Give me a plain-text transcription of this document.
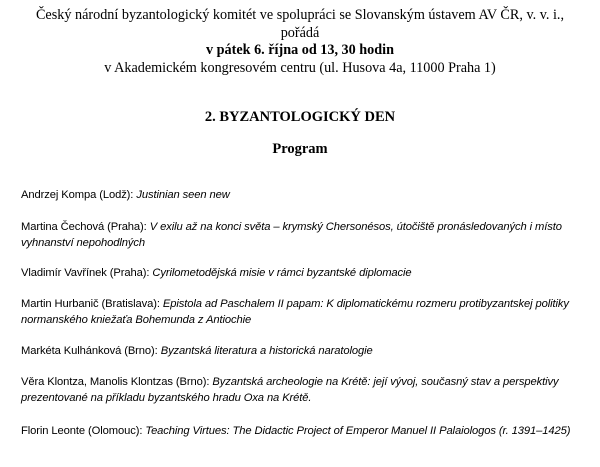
Český národní byzantologický komitét ve spolupráci se Slovanským ústavem AV ČR, v. v. i.,
pořádá
v pátek 6. října od 13, 30 hodin
v Akademickém kongresovém centru (ul. Husova 4a, 11000 Praha 1)
2. BYZANTOLOGICKÝ DEN
Program
Andrzej Kompa (Lodž): Justinian seen new
Martina Čechová (Praha): V exilu až na konci světa – krymský Chersonésos, útočiště pronásledovaných i místo vyhnanství nepohodlných
Vladimír Vavřínek (Praha): Cyrilometodějská misie v rámci byzantské diplomacie
Martin Hurbanič (Bratislava): Epistola ad Paschalem II papam: K diplomatickému rozmeru protibyzantskej politiky normanského kniežaťa Bohemunda z Antiochie
Markéta Kulhánková (Brno): Byzantská literatura a historická naratologie
Věra Klontza, Manolis Klontzas (Brno): Byzantská archeologie na Krétě: její vývoj, současný stav a perspektivy prezentované na příkladu byzantského hradu Oxa na Krétě.
Florin Leonte (Olomouc): Teaching Virtues: The Didactic Project of Emperor Manuel II Palaiologos (r. 1391–1425)
